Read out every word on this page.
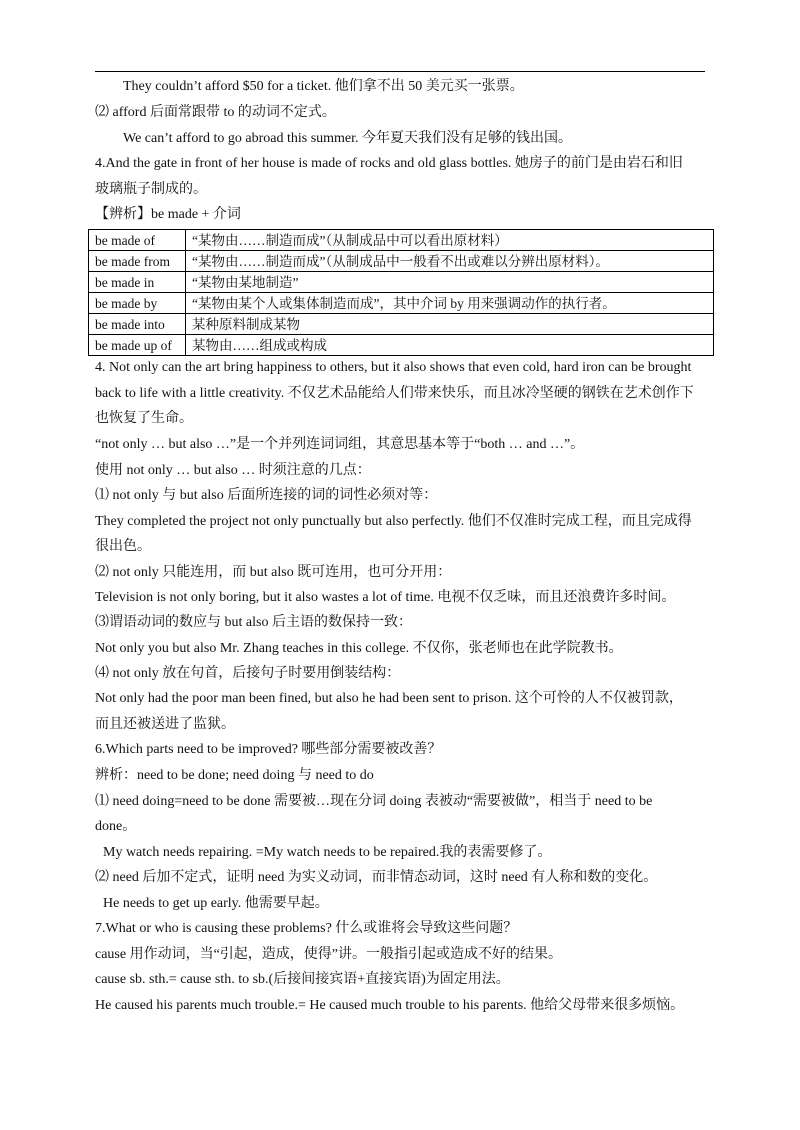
They couldn’t afford $50 for a ticket. 他们拿不出 50 美元买一张票。
⑵ afford 后面常跟带 to 的动词不定式。
We can’t afford to go abroad this summer. 今年夏天我们没有足够的钱出国。
4.And the gate in front of her house is made of rocks and old glass bottles. 她房子的前门是由岩石和旧
玻璃瓶子制成的。
【辨析】be made + 介词
be made of	“某物由……制造而成”（从制成品中可以看出原材料）
be made from	“某物由……制造而成”（从制成品中一般看不出或难以分辨出原材料）。
be made in	“某物由某地制造”
be made by	“某物由某个人或集体制造而成”，其中介词 by 用来强调动作的执行者。
be made into	某种原料制成某物
be made up of	某物由……组成或构成
4. Not only can the art bring happiness to others, but it also shows that even cold, hard iron can be brought
back to life with a little creativity. 不仅艺术品能给人们带来快乐，而且冰冷坚硬的钢铁在艺术创作下
也恢复了生命。
“not only … but also …”是一个并列连词词组，其意思基本等于“both … and …”。
使用 not only … but also … 时须注意的几点：
⑴ not only 与 but also 后面所连接的词的词性必须对等：
They completed the project not only punctually but also perfectly. 他们不仅准时完成工程，而且完成得
很出色。
⑵ not only 只能连用，而 but also 既可连用，也可分开用：
Television is not only boring, but it also wastes a lot of time. 电视不仅乏味，而且还浪费许多时间。
⑶谓语动词的数应与 but also 后主语的数保持一致：
Not only you but also Mr. Zhang teaches in this college. 不仅你，张老师也在此学院教书。
⑷ not only 放在句首，后接句子时要用倒装结构：
Not only had the poor man been fined, but also he had been sent to prison. 这个可怜的人不仅被罚款，
而且还被送进了监狱。
6.Which parts need to be improved? 哪些部分需要被改善？
辨析：need to be done; need doing 与 need to do
⑴ need doing=need to be done 需要被…现在分词 doing 表被动“需要被做”，相当于 need to be
done。
My watch needs repairing. =My watch needs to be repaired.我的表需要修了。
⑵ need 后加不定式，证明 need 为实义动词，而非情态动词，这时 need 有人称和数的变化。
He needs to get up early. 他需要早起。
7.What or who is causing these problems? 什么或谁将会导致这些问题？
cause 用作动词，当“引起，造成，使得”讲。一般指引起或造成不好的结果。
cause sb. sth.= cause sth. to sb.(后接间接宾语+直接宾语)为固定用法。
He caused his parents much trouble.= He caused much trouble to his parents. 他给父母带来很多烦恼。
